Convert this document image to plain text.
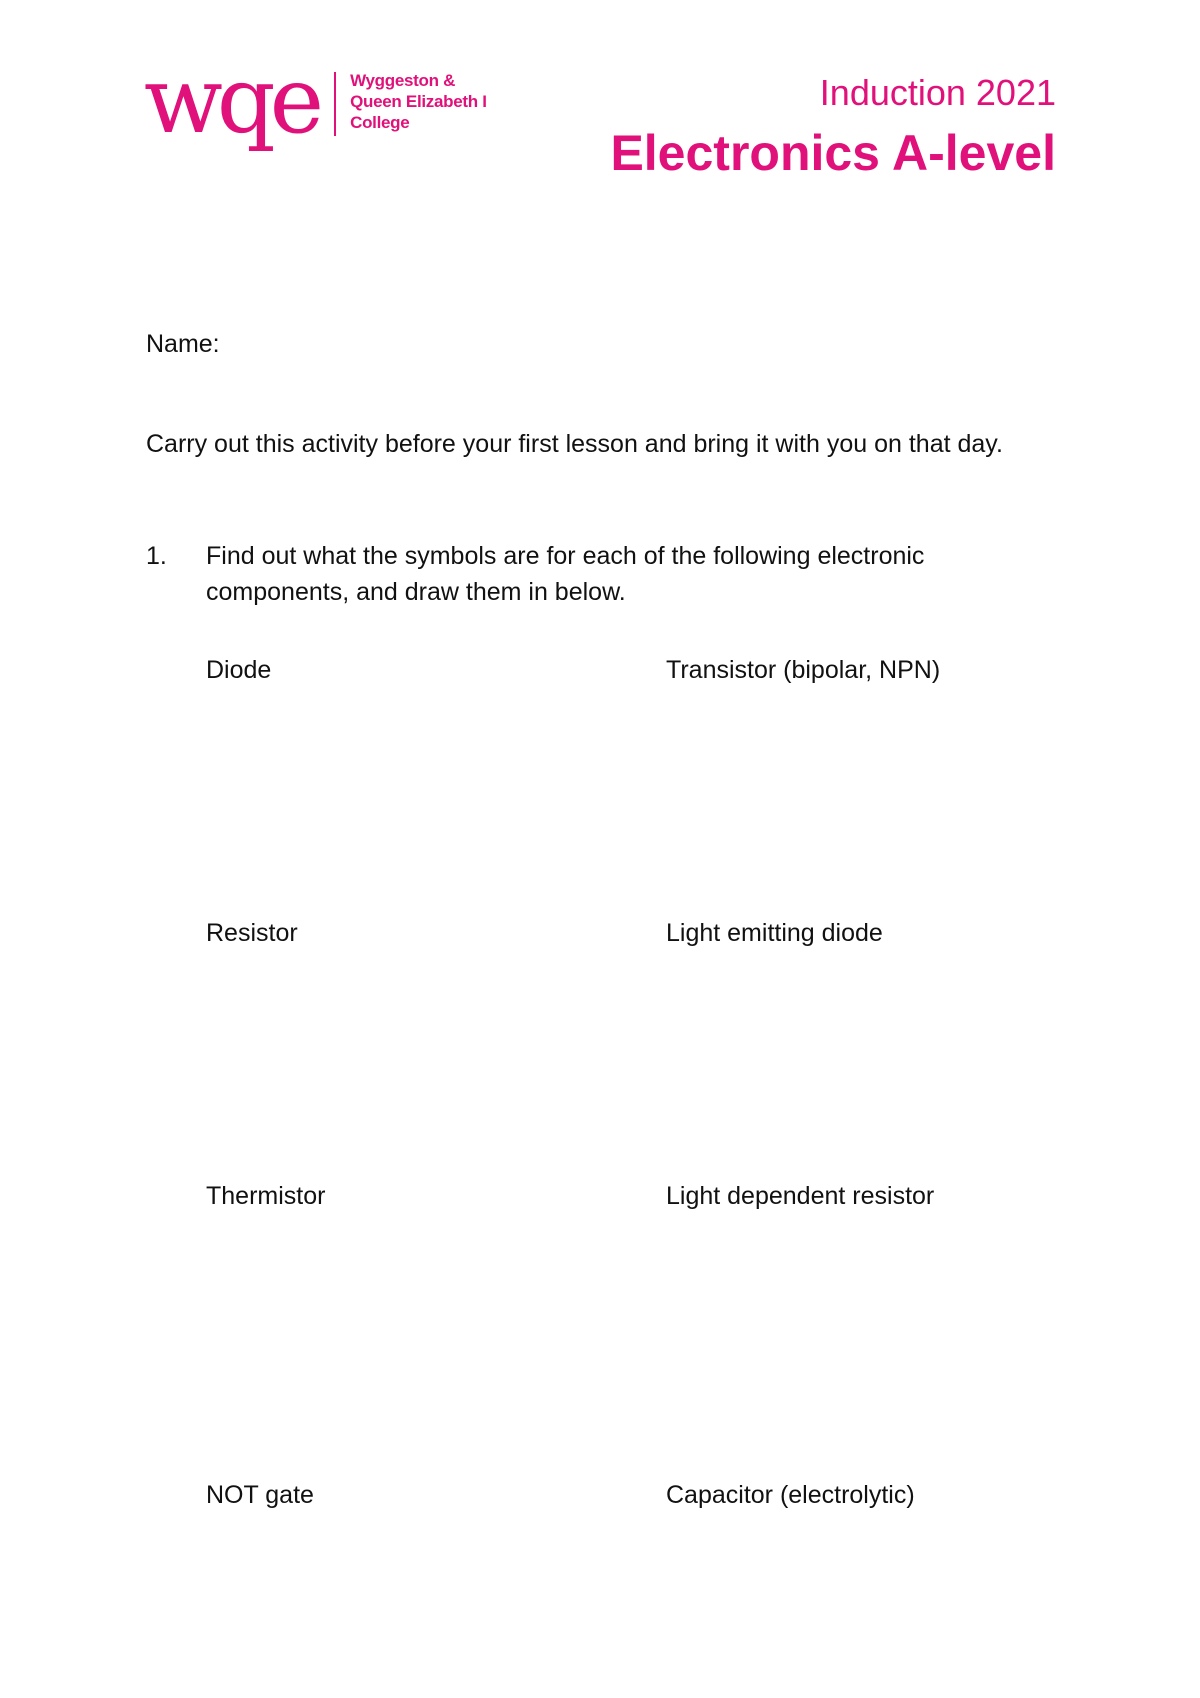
wqe Wyggeston &
Queen Elizabeth I
College
Induction 2021
Electronics A-level
Name:
Carry out this activity before your first lesson and bring it with you on that day.
1.	Find out what the symbols are for each of the following electronic components, and draw them in below.
Diode	Transistor (bipolar, NPN)
Resistor	Light emitting diode
Thermistor	Light dependent resistor
NOT gate	Capacitor (electrolytic)
